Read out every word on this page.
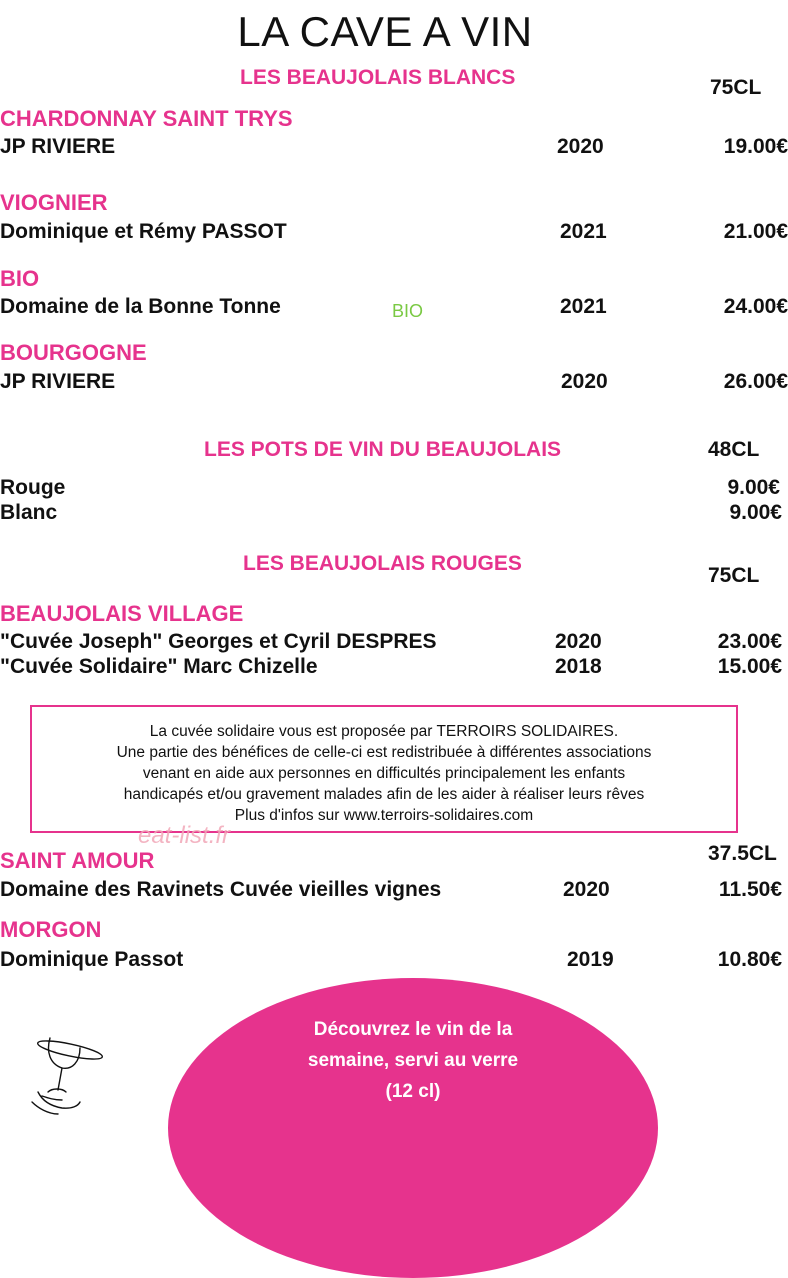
LA CAVE A VIN
LES BEAUJOLAIS BLANCS	75CL
CHARDONNAY SAINT TRYS
JP RIVIERE	2020	19.00€
VIOGNIER
Dominique et Rémy PASSOT	2021	21.00€
BIO
Domaine de la Bonne Tonne	BIO	2021	24.00€
BOURGOGNE
JP RIVIERE	2020	26.00€
LES POTS DE VIN DU BEAUJOLAIS	48CL
Rouge	9.00€
Blanc	9.00€
LES BEAUJOLAIS ROUGES
75CL
BEAUJOLAIS VILLAGE
"Cuvée Joseph" Georges et Cyril DESPRES	2020	23.00€
"Cuvée Solidaire" Marc Chizelle	2018	15.00€
La cuvée solidaire vous est proposée par TERROIRS SOLIDAIRES.
Une partie des bénéfices de celle-ci est redistribuée à différentes associations
venant en aide aux personnes en difficultés principalement les enfants
handicapés et/ou gravement malades afin de les aider à réaliser leurs rêves
Plus d'infos sur www.terroirs-solidaires.com
eat-list.fr
37.5CL
SAINT AMOUR
Domaine des Ravinets Cuvée vieilles vignes	2020	11.50€
MORGON
Dominique Passot	2019	10.80€
Découvrez le vin de la
semaine, servi au verre
(12 cl)
